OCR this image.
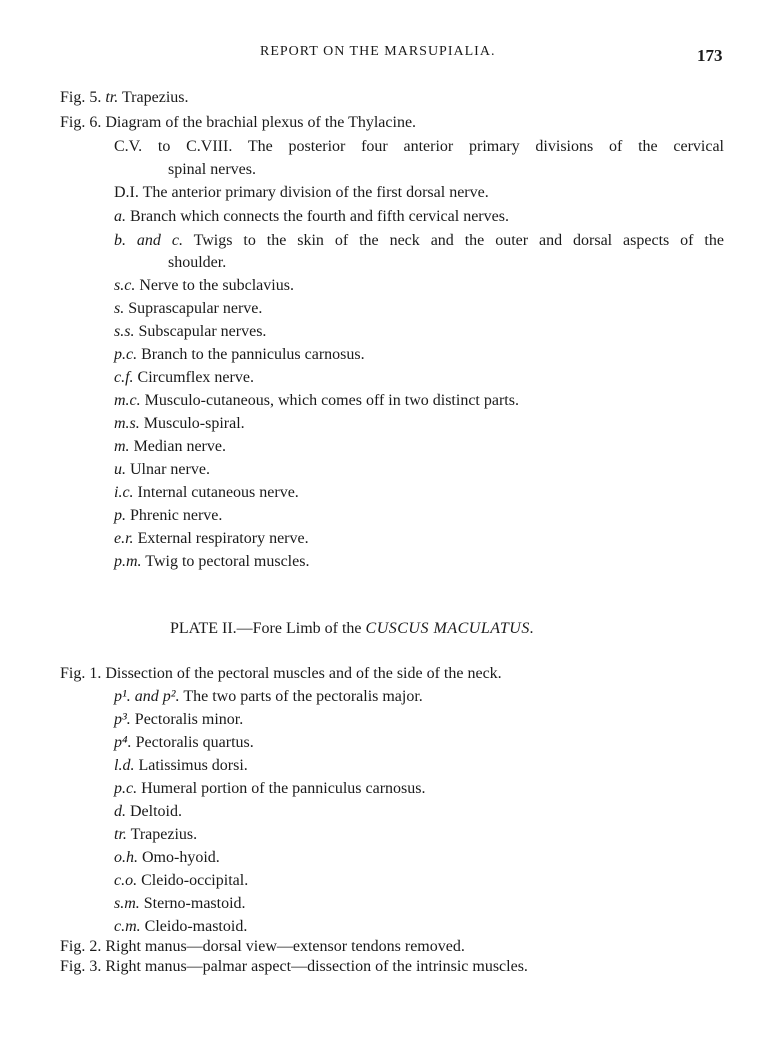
REPORT ON THE MARSUPIALIA.	173
Fig. 5. tr. Trapezius.
Fig. 6. Diagram of the brachial plexus of the Thylacine.
C.V. to C.VIII. The posterior four anterior primary divisions of the cervical
spinal nerves.
D.I. The anterior primary division of the first dorsal nerve.
a. Branch which connects the fourth and fifth cervical nerves.
b. and c. Twigs to the skin of the neck and the outer and dorsal aspects of the
shoulder.
s.c. Nerve to the subclavius.
s. Suprascapular nerve.
s.s. Subscapular nerves.
p.c. Branch to the panniculus carnosus.
c.f. Circumflex nerve.
m.c. Musculo-cutaneous, which comes off in two distinct parts.
m.s. Musculo-spiral.
m. Median nerve.
u. Ulnar nerve.
i.c. Internal cutaneous nerve.
p. Phrenic nerve.
e.r. External respiratory nerve.
p.m. Twig to pectoral muscles.
PLATE II.—Fore Limb of the CUSCUS MACULATUS.
Fig. 1. Dissection of the pectoral muscles and of the side of the neck.
p¹. and p². The two parts of the pectoralis major.
p³. Pectoralis minor.
p⁴. Pectoralis quartus.
l.d. Latissimus dorsi.
p.c. Humeral portion of the panniculus carnosus.
d. Deltoid.
tr. Trapezius.
o.h. Omo-hyoid.
c.o. Cleido-occipital.
s.m. Sterno-mastoid.
c.m. Cleido-mastoid.
Fig. 2. Right manus—dorsal view—extensor tendons removed.
Fig. 3. Right manus—palmar aspect—dissection of the intrinsic muscles.
